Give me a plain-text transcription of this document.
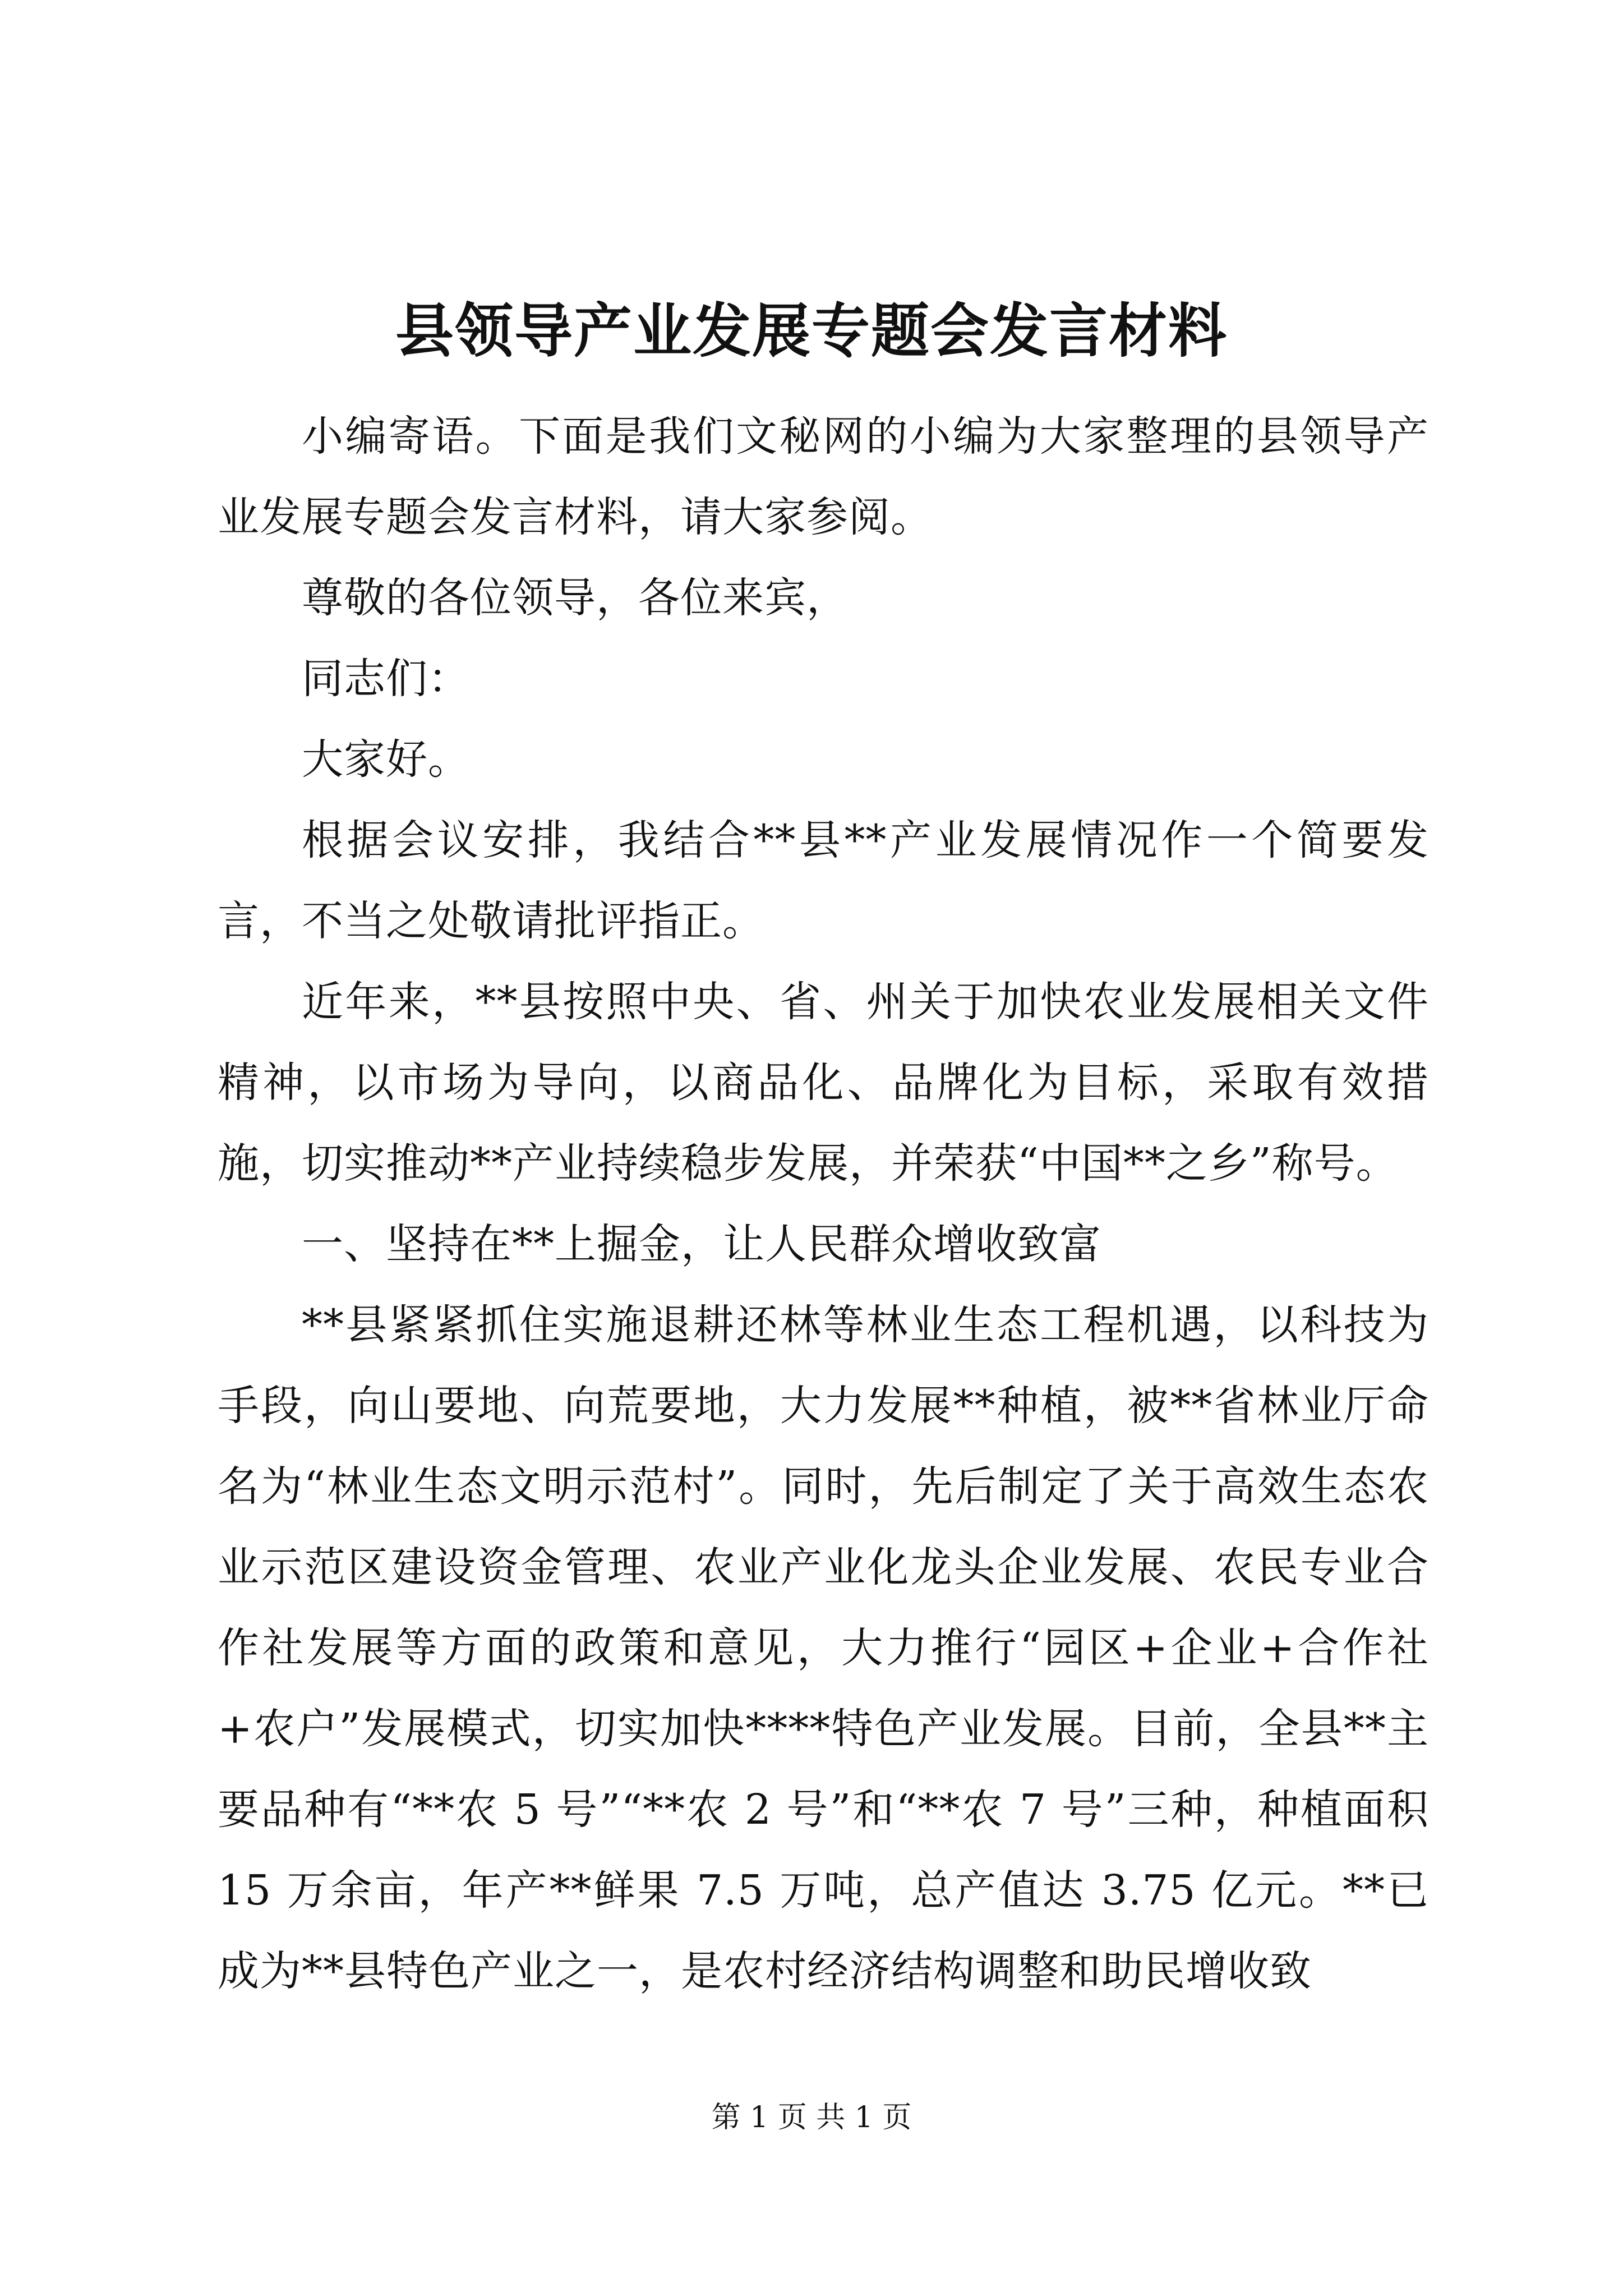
县领导产业发展专题会发言材料

小编寄语。下面是我们文秘网的小编为大家整理的县领导产业发展专题会发言材料，请大家参阅。

尊敬的各位领导，各位来宾，

同志们：

大家好。

根据会议安排，我结合**县**产业发展情况作一个简要发言，不当之处敬请批评指正。

近年来，**县按照中央、省、州关于加快农业发展相关文件精神，以市场为导向，以商品化、品牌化为目标，采取有效措施，切实推动**产业持续稳步发展，并荣获“中国**之乡”称号。

一、坚持在**上掘金，让人民群众增收致富

**县紧紧抓住实施退耕还林等林业生态工程机遇，以科技为手段，向山要地、向荒要地，大力发展**种植，被**省林业厅命名为“林业生态文明示范村”。同时，先后制定了关于高效生态农业示范区建设资金管理、农业产业化龙头企业发展、农民专业合作社发展等方面的政策和意见，大力推行“园区+企业+合作社+农户”发展模式，切实加快****特色产业发展。目前，全县**主要品种有“**农 5 号”“**农 2 号”和“**农 7 号”三种，种植面积 15 万余亩，年产**鲜果 7.5 万吨，总产值达 3.75 亿元。**已成为**县特色产业之一，是农村经济结构调整和助民增收致

第 1 页 共 1 页
